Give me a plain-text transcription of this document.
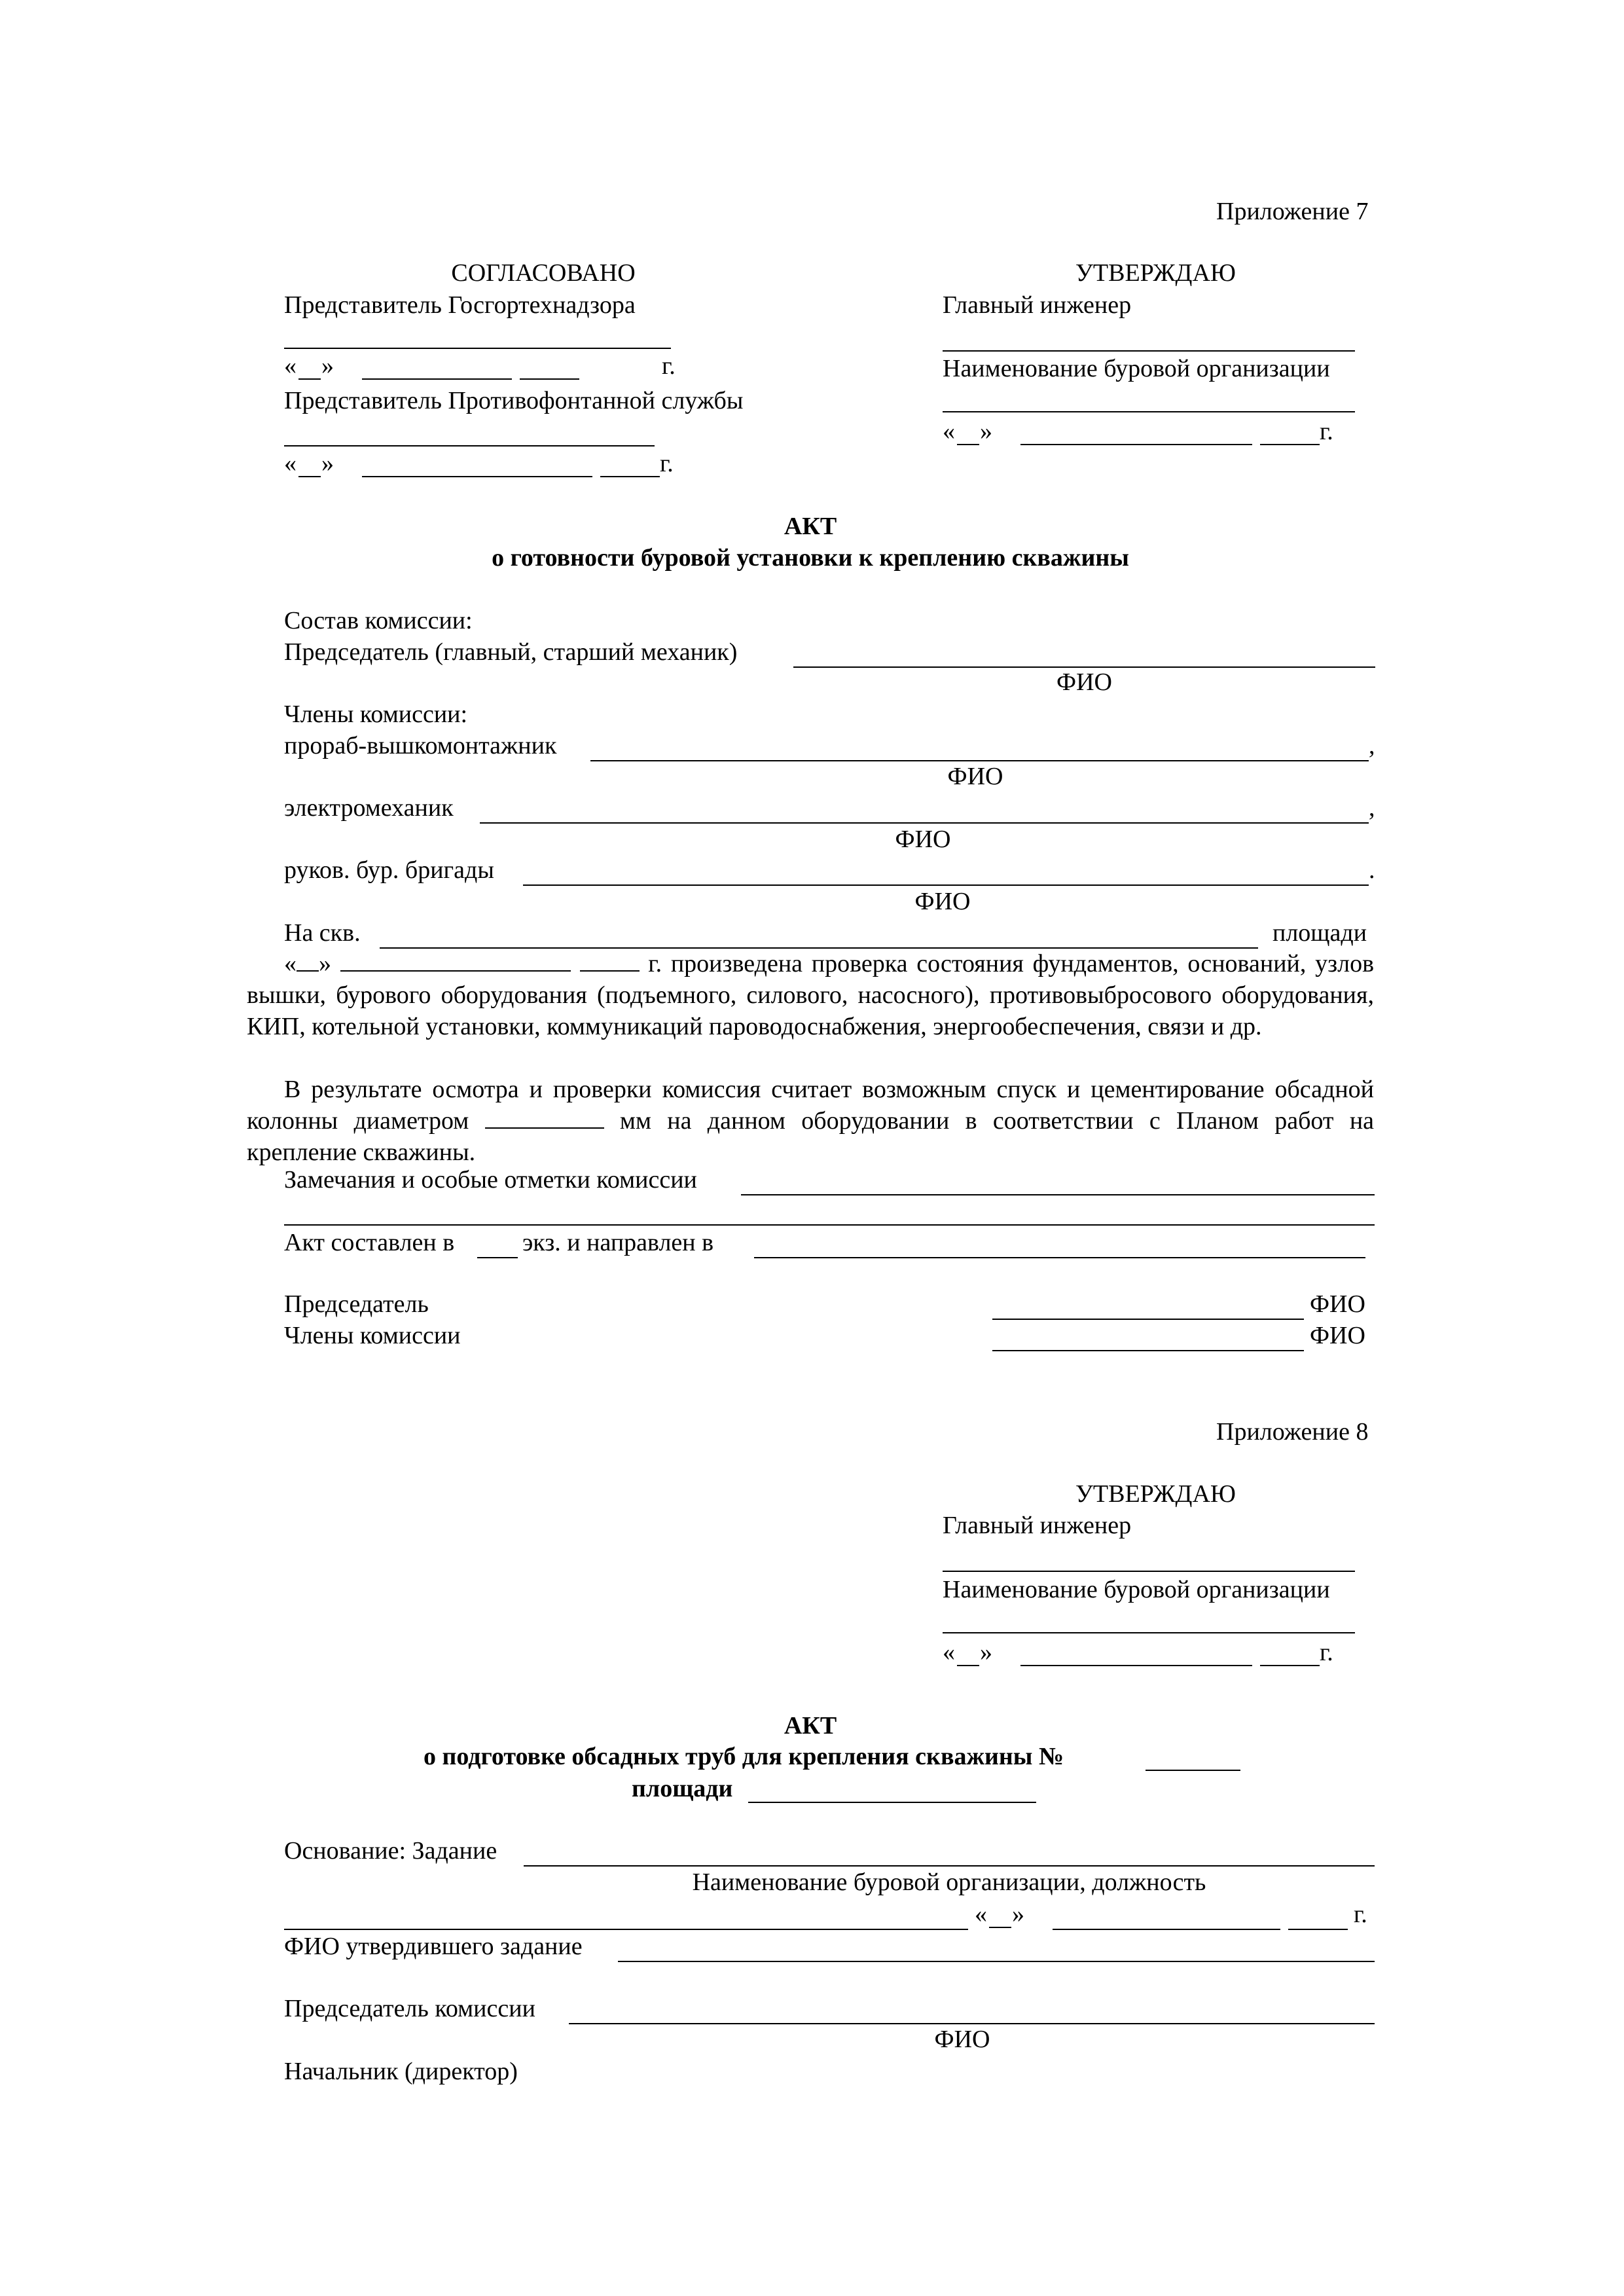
Приложение 7
СОГЛАСОВАНО
Представитель Госгортехнадзора
« »	г.
Представитель Противофонтанной службы
« »	г.
УТВЕРЖДАЮ
Главный инженер
Наименование буровой организации
« »	г.
АКТ
о готовности буровой установки к креплению скважины
Состав комиссии:
Председатель (главный, старший механик)
ФИО
Члены комиссии:
прораб-вышкомонтажник	,
ФИО
электромеханик	,
ФИО
руков. бур. бригады	.
ФИО
На скв.	площади
« »	г. произведена проверка состояния фундаментов, оснований, узлов вышки, бурового оборудования (подъемного, силового, насосного), противовыбросового оборудования, КИП, котельной установки, коммуникаций пароводоснабжения, энергообеспечения, связи и др.
В результате осмотра и проверки комиссия считает возможным спуск и цементирование обсадной колонны диаметром	мм на данном оборудовании в соответствии с Планом работ на крепление скважины.
Замечания и особые отметки комиссии
Акт составлен в	экз. и направлен в
Председатель	ФИО
Члены комиссии	ФИО
Приложение 8
УТВЕРЖДАЮ
Главный инженер
Наименование буровой организации
« »	г.
АКТ
о подготовке обсадных труб для крепления скважины №
площади
Основание: Задание
Наименование буровой организации, должность
« »	г.
ФИО утвердившего задание
Председатель комиссии
ФИО
Начальник (директор)
